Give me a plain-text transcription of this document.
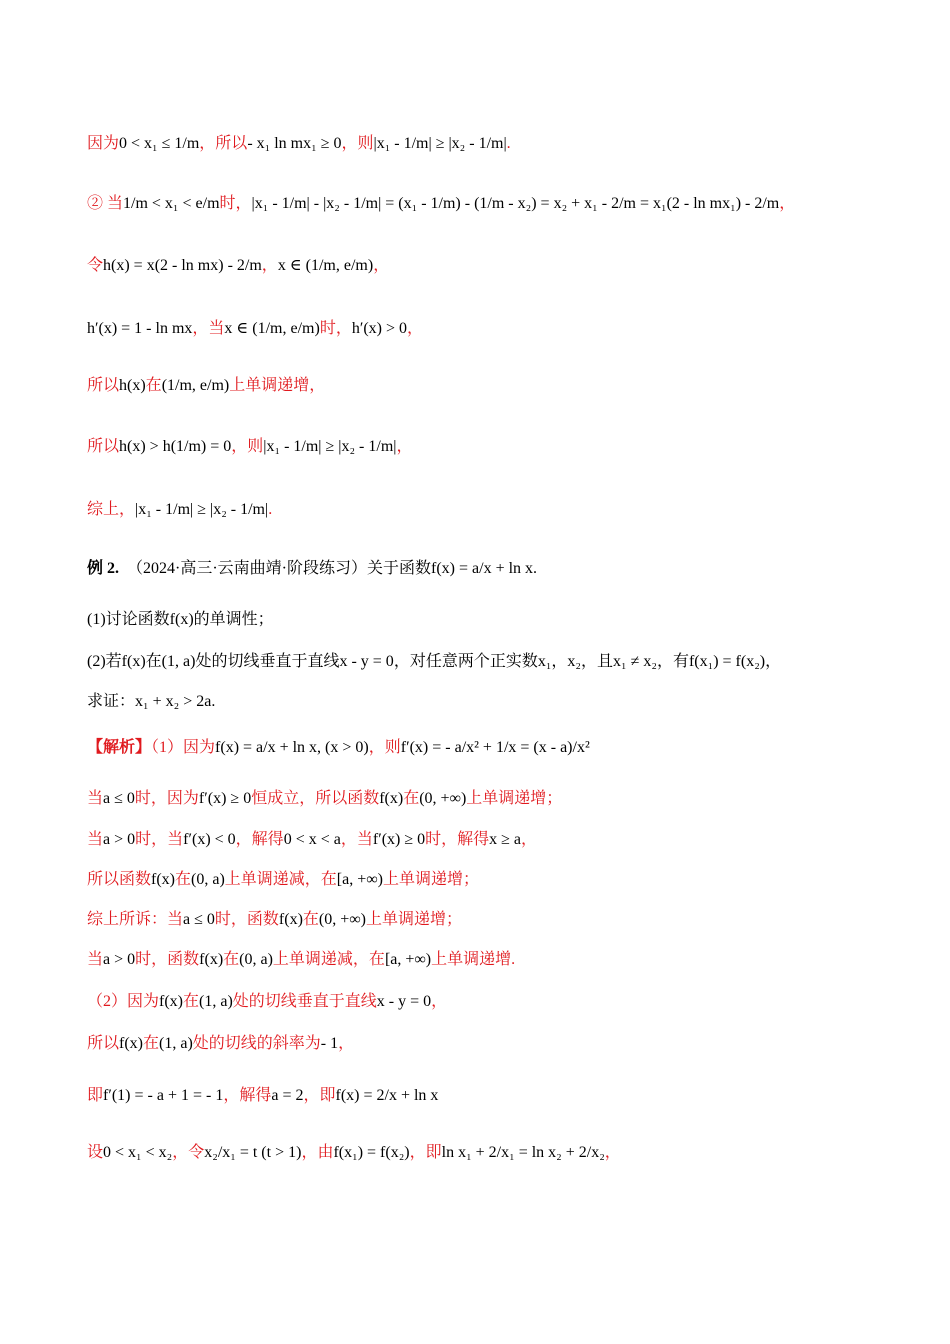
因为0 < x₁ ≤ 1/m，所以- x₁ ln mx₁ ≥ 0，则|x₁ - 1/m| ≥ |x₂ - 1/m|.
② 当1/m < x₁ < e/m时，|x₁ - 1/m| - |x₂ - 1/m| = (x₁ - 1/m) - (1/m - x₂) = x₂ + x₁ - 2/m = x₁(2 - ln mx₁) - 2/m，
令h(x) = x(2 - ln mx) - 2/m，x ∈ (1/m, e/m)，
h′(x) = 1 - ln mx，当x ∈ (1/m, e/m)时，h′(x) > 0，
所以h(x)在(1/m, e/m)上单调递增，
所以h(x) > h(1/m) = 0，则|x₁ - 1/m| ≥ |x₂ - 1/m|，
综上，|x₁ - 1/m| ≥ |x₂ - 1/m|.
例 2. （2024·高三·云南曲靖·阶段练习）关于函数f(x) = a/x + ln x.
(1)讨论函数f(x)的单调性；
(2)若f(x)在(1, a)处的切线垂直于直线x - y = 0，对任意两个正实数x₁，x₂，且x₁ ≠ x₂，有f(x₁) = f(x₂)，
求证：x₁ + x₂ > 2a.
【解析】（1）因为f(x) = a/x + ln x, (x > 0)，则f′(x) = - a/x² + 1/x = (x - a)/x²
当a ≤ 0时，因为f′(x) ≥ 0恒成立，所以函数f(x)在(0, +∞)上单调递增；
当a > 0时，当f′(x) < 0，解得0 < x < a，当f′(x) ≥ 0时，解得x ≥ a，
所以函数f(x)在(0, a)上单调递减，在[a, +∞)上单调递增；
综上所诉：当a ≤ 0时，函数f(x)在(0, +∞)上单调递增；
当a > 0时，函数f(x)在(0, a)上单调递减，在[a, +∞)上单调递增.
（2）因为f(x)在(1, a)处的切线垂直于直线x - y = 0，
所以f(x)在(1, a)处的切线的斜率为- 1，
即f′(1) = - a + 1 = - 1，解得a = 2，即f(x) = 2/x + ln x
设0 < x₁ < x₂，令x₂/x₁ = t (t > 1)，由f(x₁) = f(x₂)，即ln x₁ + 2/x₁ = ln x₂ + 2/x₂，
